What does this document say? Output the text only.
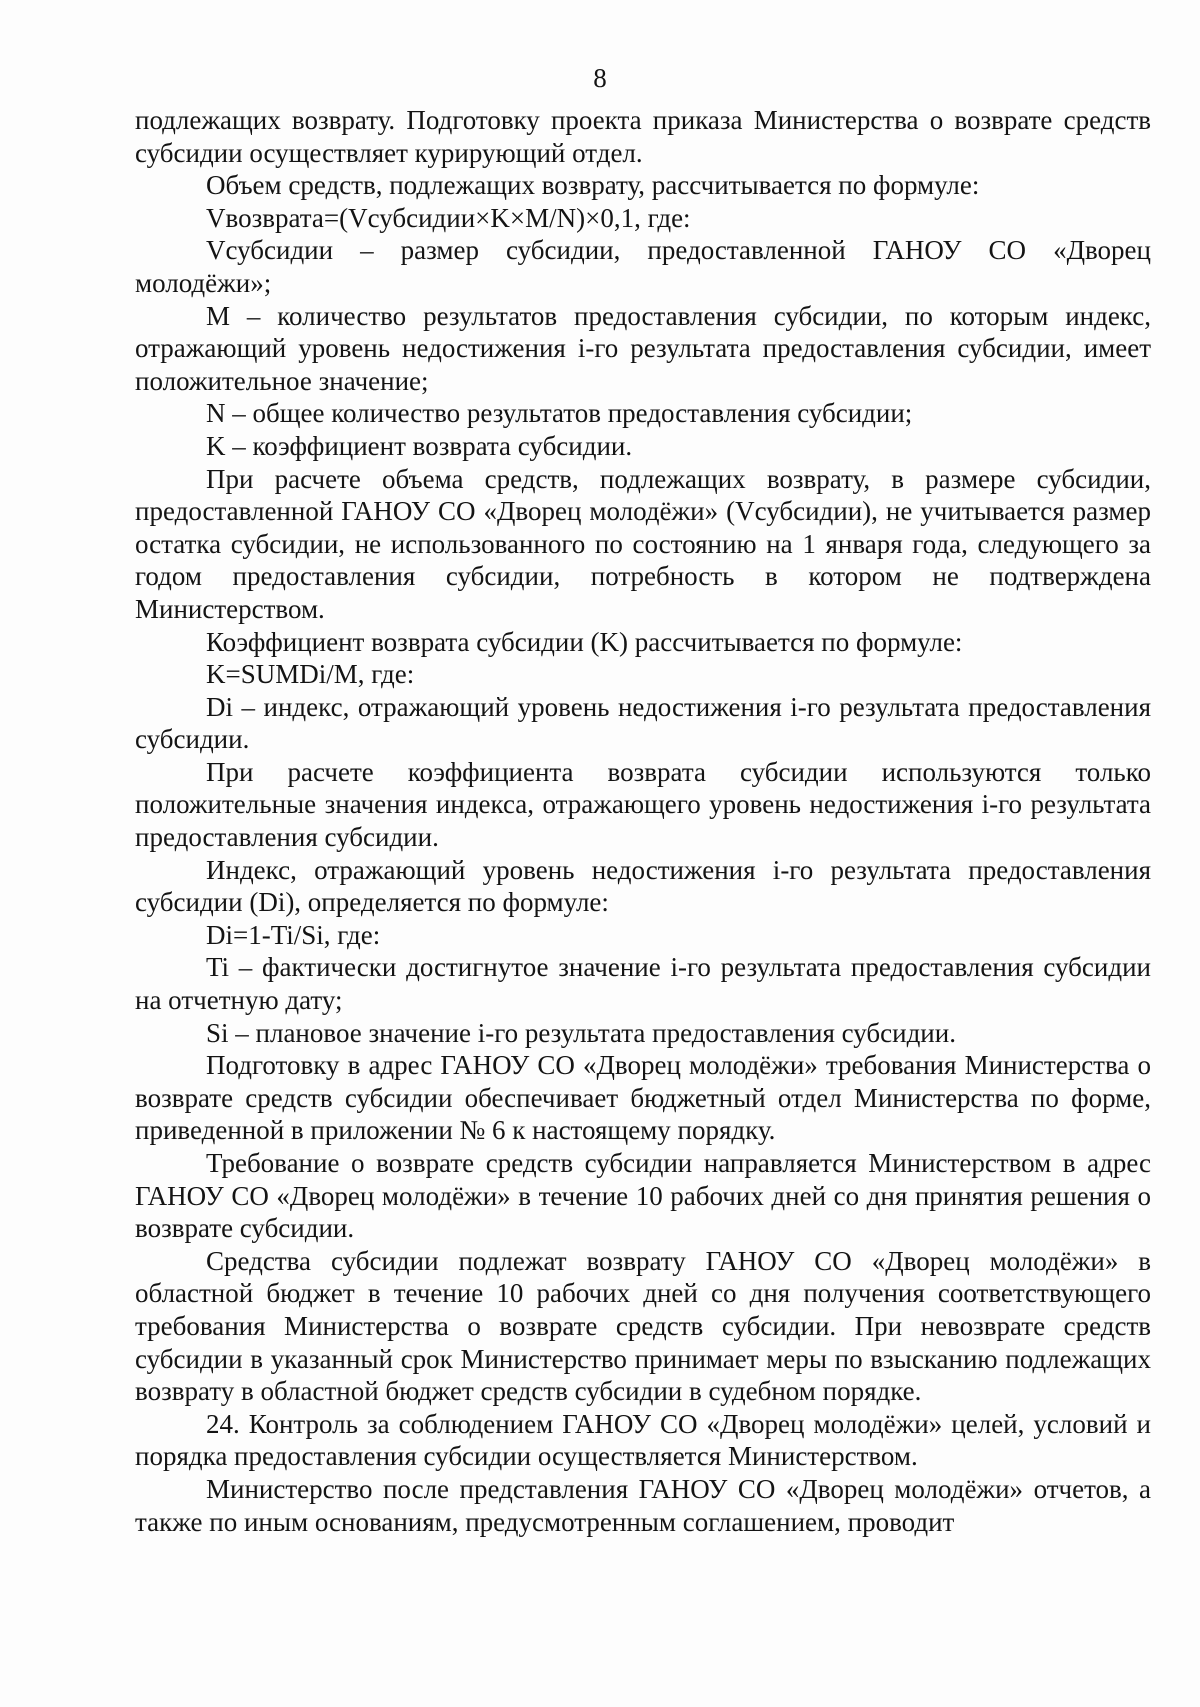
8

подлежащих возврату. Подготовку проекта приказа Министерства о возврате средств субсидии осуществляет курирующий отдел.

Объем средств, подлежащих возврату, рассчитывается по формуле:

Vвозврата=(Vсубсидии×K×M/N)×0,1, где:

Vсубсидии – размер субсидии, предоставленной ГАНОУ СО «Дворец молодёжи»;

M – количество результатов предоставления субсидии, по которым индекс, отражающий уровень недостижения i-го результата предоставления субсидии, имеет положительное значение;

N – общее количество результатов предоставления субсидии;

K – коэффициент возврата субсидии.

При расчете объема средств, подлежащих возврату, в размере субсидии, предоставленной ГАНОУ СО «Дворец молодёжи» (Vсубсидии), не учитывается размер остатка субсидии, не использованного по состоянию на 1 января года, следующего за годом предоставления субсидии, потребность в котором не подтверждена Министерством.

Коэффициент возврата субсидии (K) рассчитывается по формуле:

K=SUMDi/M, где:

Di – индекс, отражающий уровень недостижения i-го результата предоставления субсидии.

При расчете коэффициента возврата субсидии используются только положительные значения индекса, отражающего уровень недостижения i-го результата предоставления субсидии.

Индекс, отражающий уровень недостижения i-го результата предоставления субсидии (Di), определяется по формуле:

Di=1-Ti/Si, где:

Ti – фактически достигнутое значение i-го результата предоставления субсидии на отчетную дату;

Si – плановое значение i-го результата предоставления субсидии.

Подготовку в адрес ГАНОУ СО «Дворец молодёжи» требования Министерства о возврате средств субсидии обеспечивает бюджетный отдел Министерства по форме, приведенной в приложении № 6 к настоящему порядку.

Требование о возврате средств субсидии направляется Министерством в адрес ГАНОУ СО «Дворец молодёжи» в течение 10 рабочих дней со дня принятия решения о возврате субсидии.

Средства субсидии подлежат возврату ГАНОУ СО «Дворец молодёжи» в областной бюджет в течение 10 рабочих дней со дня получения соответствующего требования Министерства о возврате средств субсидии. При невозврате средств субсидии в указанный срок Министерство принимает меры по взысканию подлежащих возврату в областной бюджет средств субсидии в судебном порядке.

24. Контроль за соблюдением ГАНОУ СО «Дворец молодёжи» целей, условий и порядка предоставления субсидии осуществляется Министерством.

Министерство после представления ГАНОУ СО «Дворец молодёжи» отчетов, а также по иным основаниям, предусмотренным соглашением, проводит
